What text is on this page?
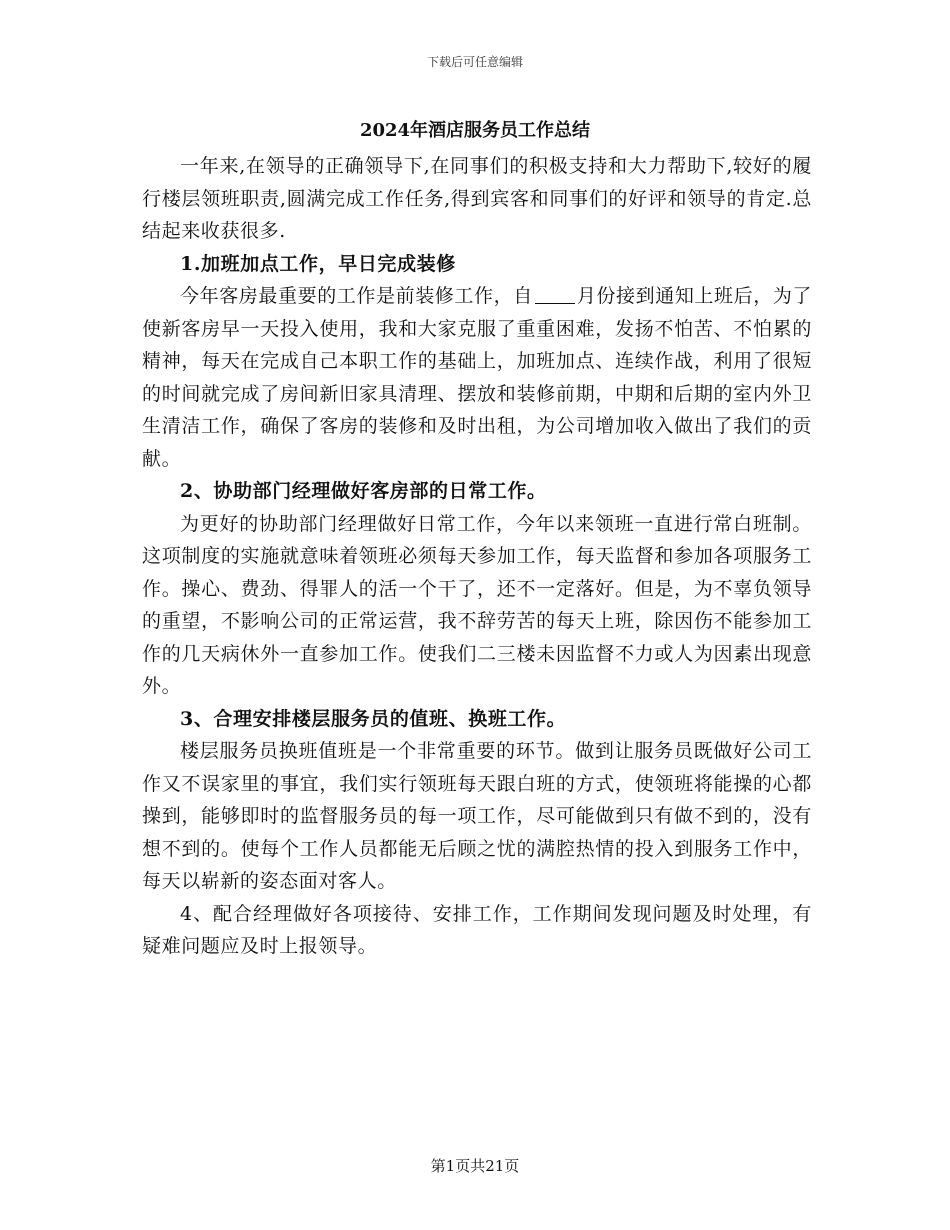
下载后可任意编辑
2024年酒店服务员工作总结

一年来,在领导的正确领导下,在同事们的积极支持和大力帮助下,较好的履行楼层领班职责,圆满完成工作任务,得到宾客和同事们的好评和领导的肯定.总结起来收获很多.

1.加班加点工作，早日完成装修

今年客房最重要的工作是前装修工作，自 月份接到通知上班后，为了使新客房早一天投入使用，我和大家克服了重重困难，发扬不怕苦、不怕累的精神，每天在完成自己本职工作的基础上，加班加点、连续作战，利用了很短的时间就完成了房间新旧家具清理、摆放和装修前期，中期和后期的室内外卫生清洁工作，确保了客房的装修和及时出租，为公司增加收入做出了我们的贡献。

2、协助部门经理做好客房部的日常工作。

为更好的协助部门经理做好日常工作，今年以来领班一直进行常白班制。这项制度的实施就意味着领班必须每天参加工作，每天监督和参加各项服务工作。操心、费劲、得罪人的活一个干了，还不一定落好。但是，为不辜负领导的重望，不影响公司的正常运营，我不辞劳苦的每天上班，除因伤不能参加工作的几天病休外一直参加工作。使我们二三楼未因监督不力或人为因素出现意外。

3、合理安排楼层服务员的值班、换班工作。

楼层服务员换班值班是一个非常重要的环节。做到让服务员既做好公司工作又不误家里的事宜，我们实行领班每天跟白班的方式，使领班将能操的心都操到，能够即时的监督服务员的每一项工作，尽可能做到只有做不到的，没有想不到的。使每个工作人员都能无后顾之忧的满腔热情的投入到服务工作中，每天以崭新的姿态面对客人。

4、配合经理做好各项接待、安排工作，工作期间发现问题及时处理，有疑难问题应及时上报领导。

第1页共21页
